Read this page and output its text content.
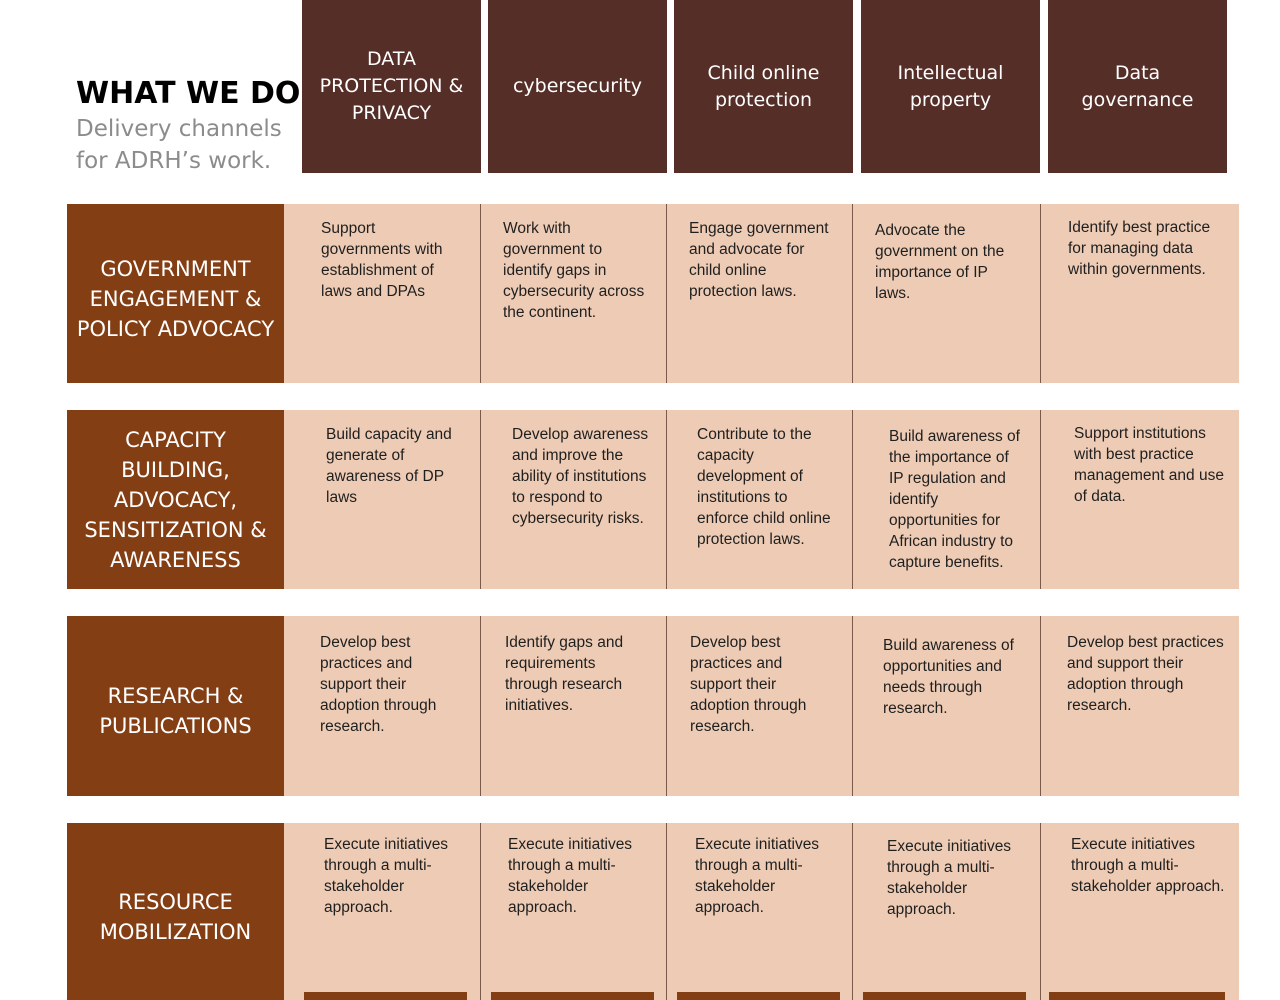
WHAT WE DO
Delivery channels for ADRH’s work.
DATA PROTECTION & PRIVACY
cybersecurity
Child online protection
Intellectual property
Data governance
GOVERNMENT ENGAGEMENT & POLICY ADVOCACY
Support governments with establishment of laws and DPAs
Work with government to identify gaps in cybersecurity across the continent.
Engage government and advocate for child online protection laws.
Advocate the government on the importance of IP laws.
Identify best practice for managing data within governments.
CAPACITY BUILDING, ADVOCACY, SENSITIZATION & AWARENESS
Build capacity and generate of awareness of DP laws
Develop awareness and improve the ability of institutions to respond to cybersecurity risks.
Contribute to the capacity development of institutions to enforce child online protection laws.
Build awareness of the importance of IP regulation and identify opportunities for African industry to capture benefits.
Support institutions with best practice management and use of data.
RESEARCH & PUBLICATIONS
Develop best practices and support their adoption through research.
Identify gaps and requirements through research initiatives.
Develop best practices and support their adoption through research.
Build awareness of opportunities and needs through research.
Develop best practices and support their adoption through research.
RESOURCE MOBILIZATION
Execute initiatives through a multi-stakeholder approach.
Execute initiatives through a multi-stakeholder approach.
Execute initiatives through a multi-stakeholder approach.
Execute initiatives through a multi-stakeholder approach.
Execute initiatives through a multi-stakeholder approach.
